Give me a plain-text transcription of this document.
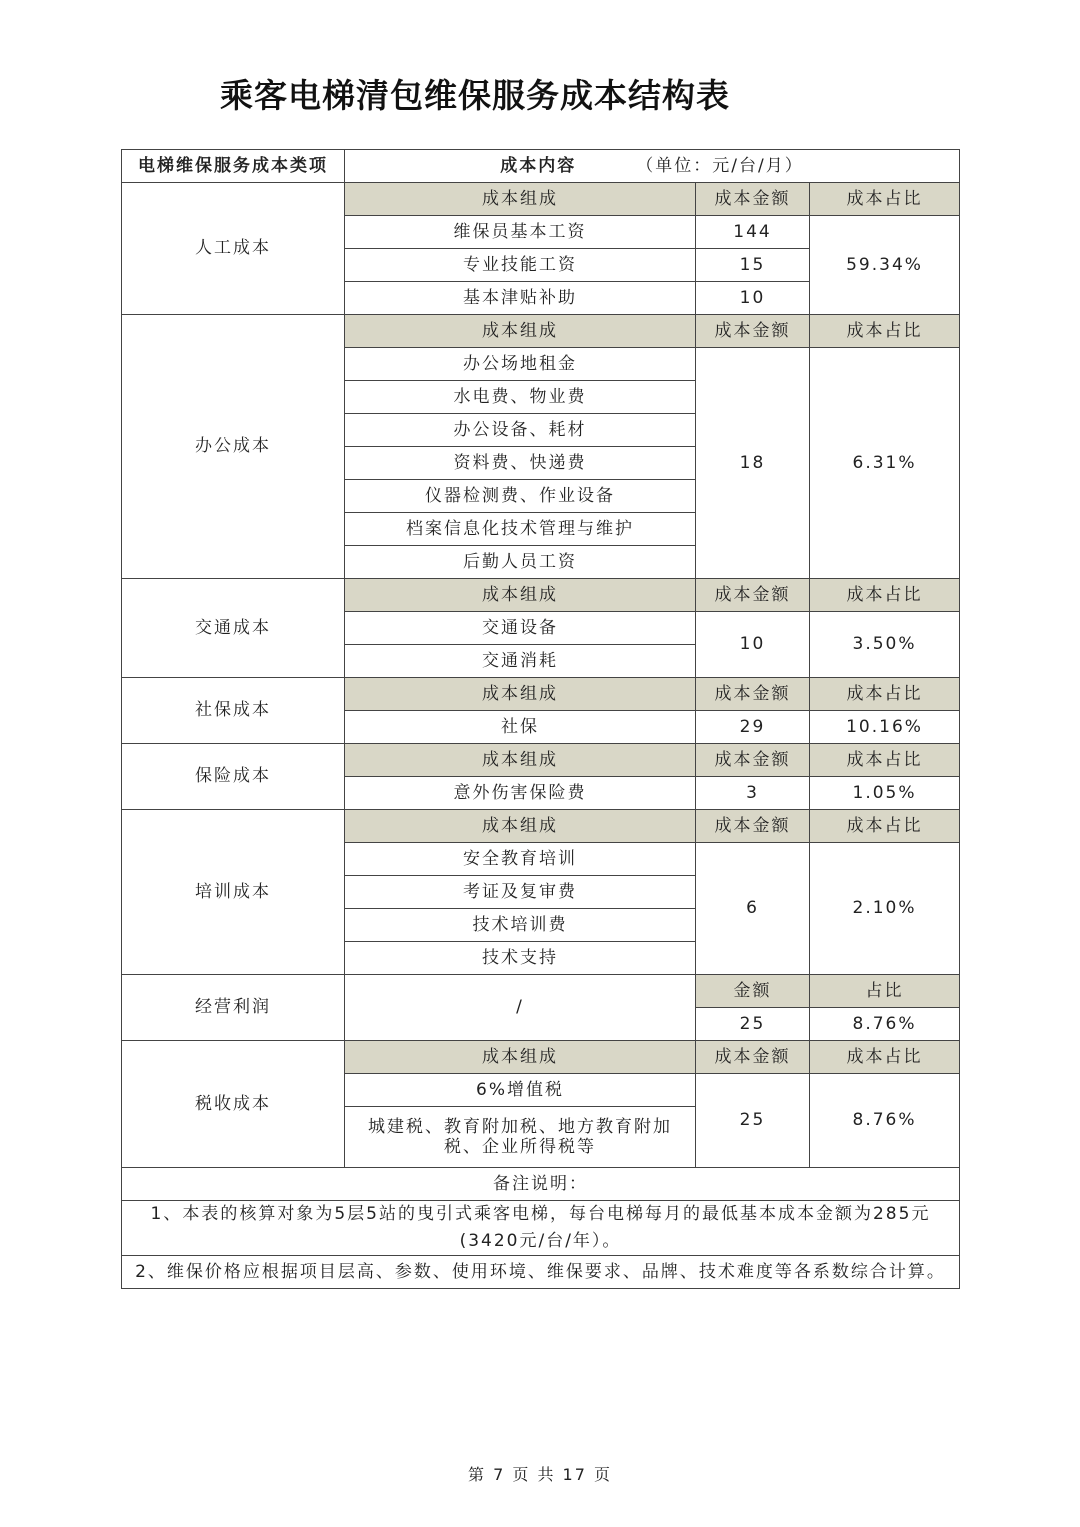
乘客电梯清包维保服务成本结构表
电梯维保服务成本类项	成本内容 （单位：元/台/月）		
人工成本	成本组成	成本金额	成本占比
	维保员基本工资	144	59.34%
	专业技能工资	15	
	基本津贴补助	10	
办公成本	成本组成	成本金额	成本占比
	办公场地租金	18	6.31%
	水电费、物业费		
	办公设备、耗材		
	资料费、快递费		
	仪器检测费、作业设备		
	档案信息化技术管理与维护		
	后勤人员工资		
交通成本	成本组成	成本金额	成本占比
	交通设备	10	3.50%
	交通消耗		
社保成本	成本组成	成本金额	成本占比
	社保	29	10.16%
保险成本	成本组成	成本金额	成本占比
	意外伤害保险费	3	1.05%
培训成本	成本组成	成本金额	成本占比
	安全教育培训	6	2.10%
	考证及复审费		
	技术培训费		
	技术支持		
经营利润	/	金额	占比
		25	8.76%
税收成本	成本组成	成本金额	成本占比
	6%增值税	25	8.76%
	城建税、教育附加税、地方教育附加税、企业所得税等		
备注说明：			
1、本表的核算对象为5层5站的曳引式乘客电梯，每台电梯每月的最低基本成本金额为285元(3420元/台/年）。			
2、维保价格应根据项目层高、参数、使用环境、维保要求、品牌、技术难度等各系数综合计算。			
第 7 页 共 17 页
